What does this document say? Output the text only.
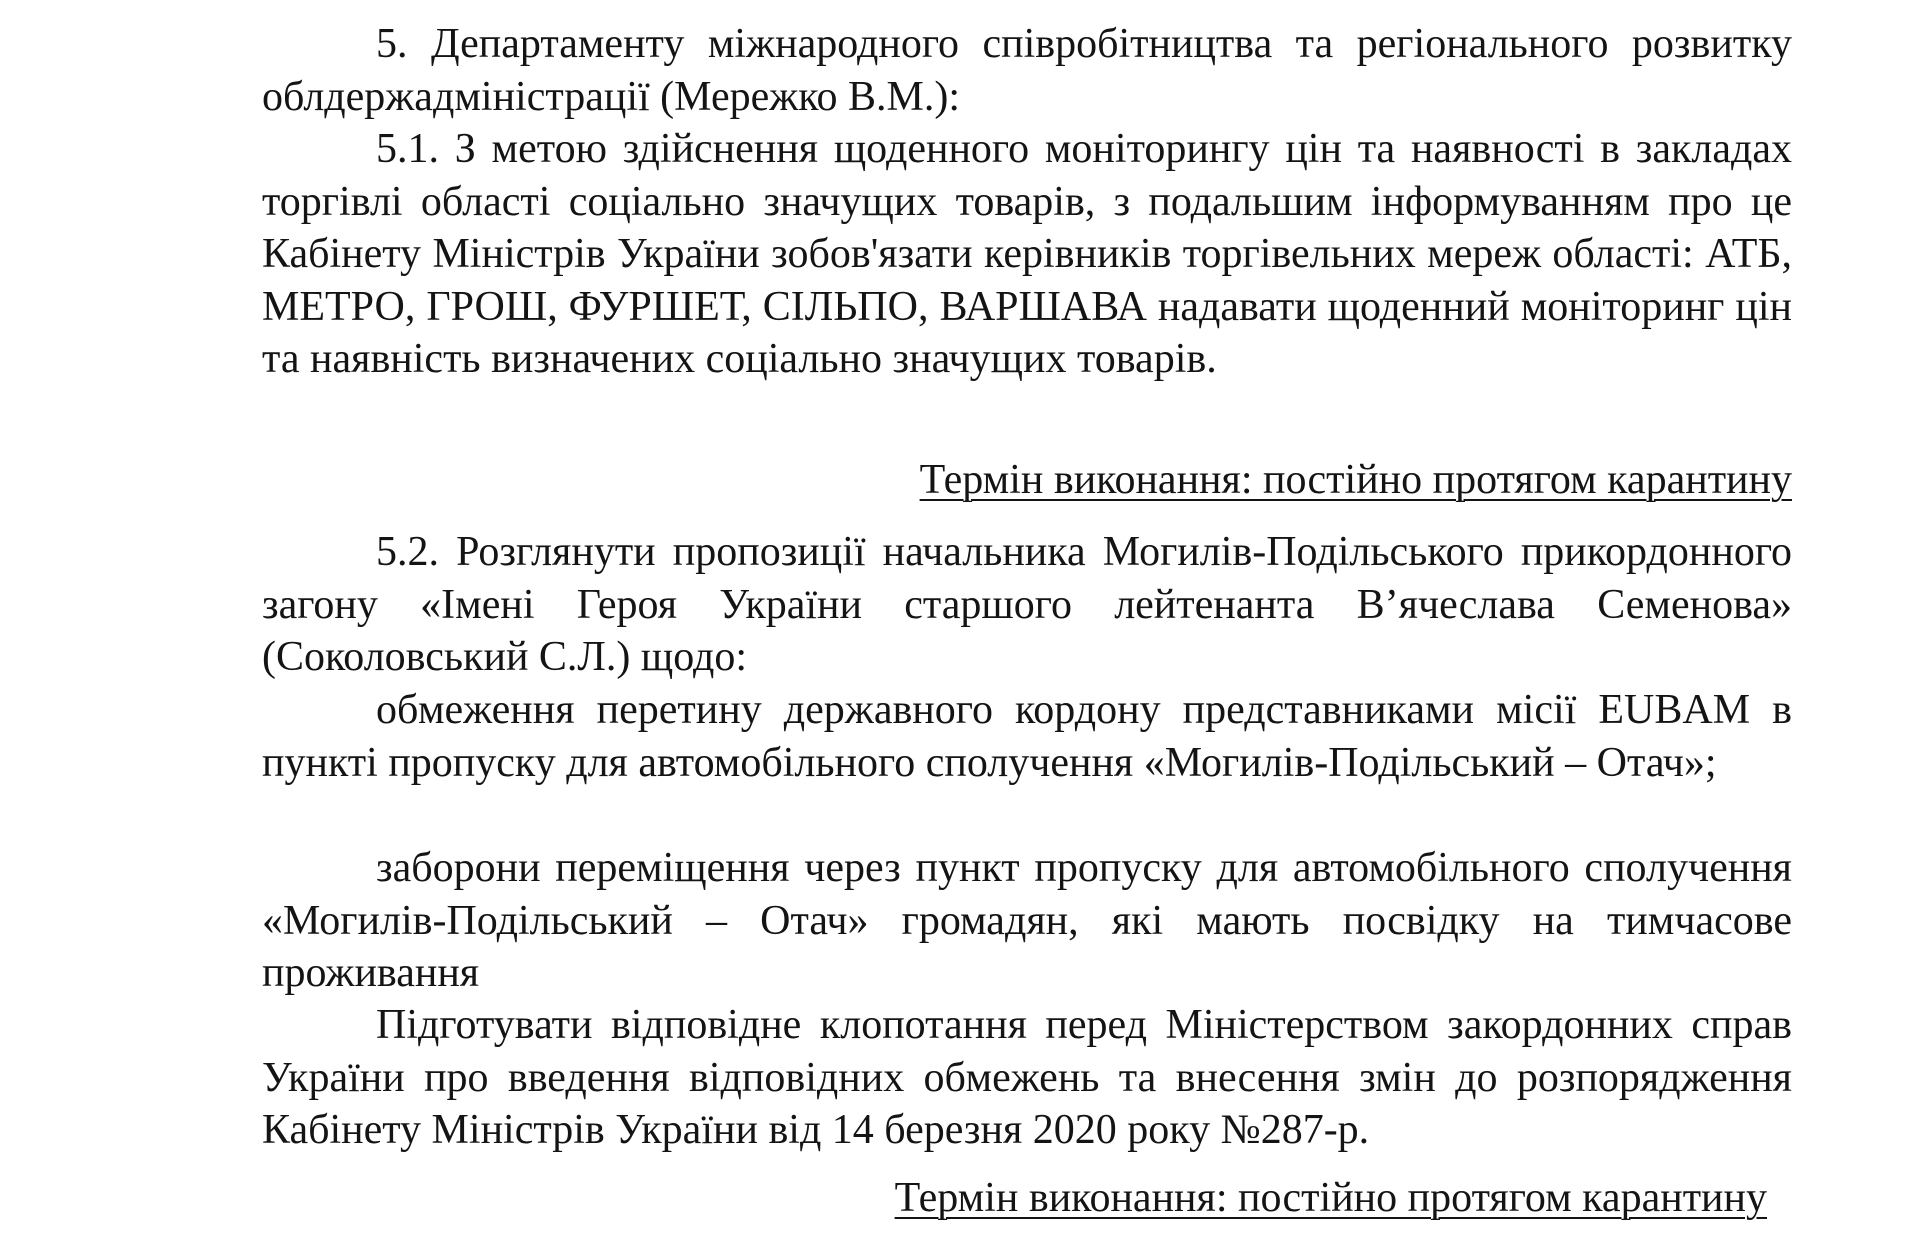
5. Департаменту міжнародного співробітництва та регіонального розвитку облдержадміністрації (Мережко В.М.):

5.1. З метою здійснення щоденного моніторингу цін та наявності в закладах торгівлі області соціально значущих товарів, з подальшим інформуванням про це Кабінету Міністрів України зобов'язати керівників торгівельних мереж області: АТБ, МЕТРО, ГРОШ, ФУРШЕТ, СІЛЬПО, ВАРШАВА надавати щоденний моніторинг цін та наявність визначених соціально значущих товарів.

Термін виконання: постійно протягом карантину

5.2. Розглянути пропозиції начальника Могилів-Подільського прикордонного загону «Імені Героя України старшого лейтенанта В’ячеслава Семенова» (Соколовський С.Л.) щодо:

обмеження перетину державного кордону представниками місії EUBAM в пункті пропуску для автомобільного сполучення «Могилів-Подільський – Отач»;

заборони переміщення через пункт пропуску для автомобільного сполучення «Могилів-Подільський – Отач» громадян, які мають посвідку на тимчасове проживання

Підготувати відповідне клопотання перед Міністерством закордонних справ України про введення відповідних обмежень та внесення змін до розпорядження Кабінету Міністрів України від 14 березня 2020 року №287-р.

Термін виконання: постійно протягом карантину
